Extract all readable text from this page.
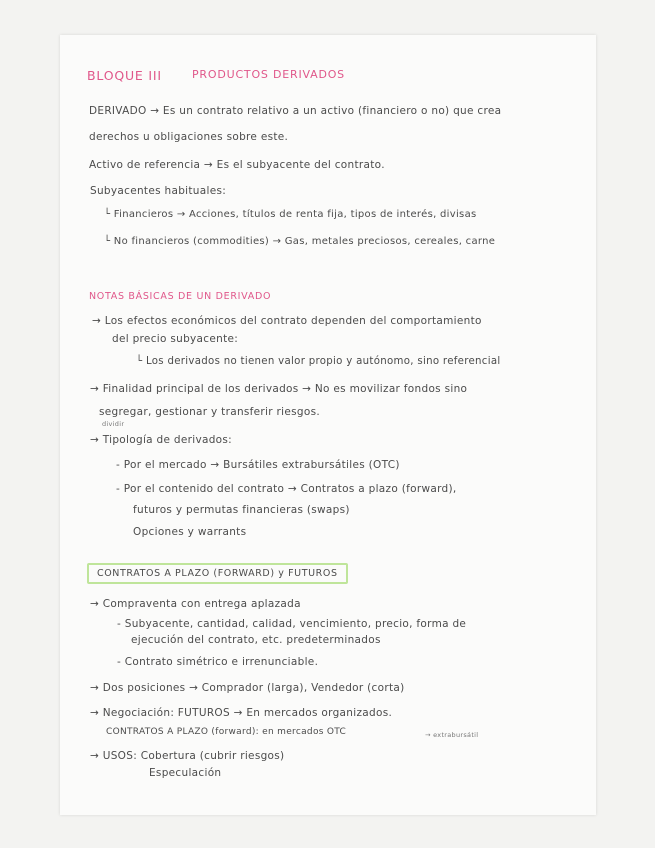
BLOQUE III	PRODUCTOS DERIVADOS
DERIVADO → Es un contrato relativo a un activo (financiero o no) que crea
derechos u obligaciones sobre este.
Activo de referencia → Es el subyacente del contrato.
Subyacentes habituales:
└ Financieros → Acciones, títulos de renta fija, tipos de interés, divisas
└ No financieros (commodities) → Gas, metales preciosos, cereales, carne
NOTAS BÁSICAS DE UN DERIVADO
→ Los efectos económicos del contrato dependen del comportamiento
del precio subyacente:
└ Los derivados no tienen valor propio y autónomo, sino referencial
→ Finalidad principal de los derivados → No es movilizar fondos sino
segregar, gestionar y transferir riesgos.
dividir
→ Tipología de derivados:
- Por el mercado → Bursátiles extrabursátiles (OTC)
- Por el contenido del contrato → Contratos a plazo (forward),
futuros y permutas financieras (swaps)
Opciones y warrants
CONTRATOS A PLAZO (FORWARD) y FUTUROS
→ Compraventa con entrega aplazada
- Subyacente, cantidad, calidad, vencimiento, precio, forma de
ejecución del contrato, etc. predeterminados
- Contrato simétrico e irrenunciable.
→ Dos posiciones → Comprador (larga), Vendedor (corta)
→ Negociación: FUTUROS → En mercados organizados.
CONTRATOS A PLAZO (forward): en mercados OTC	→ extrabursátil
→ USOS: Cobertura (cubrir riesgos)
Especulación
